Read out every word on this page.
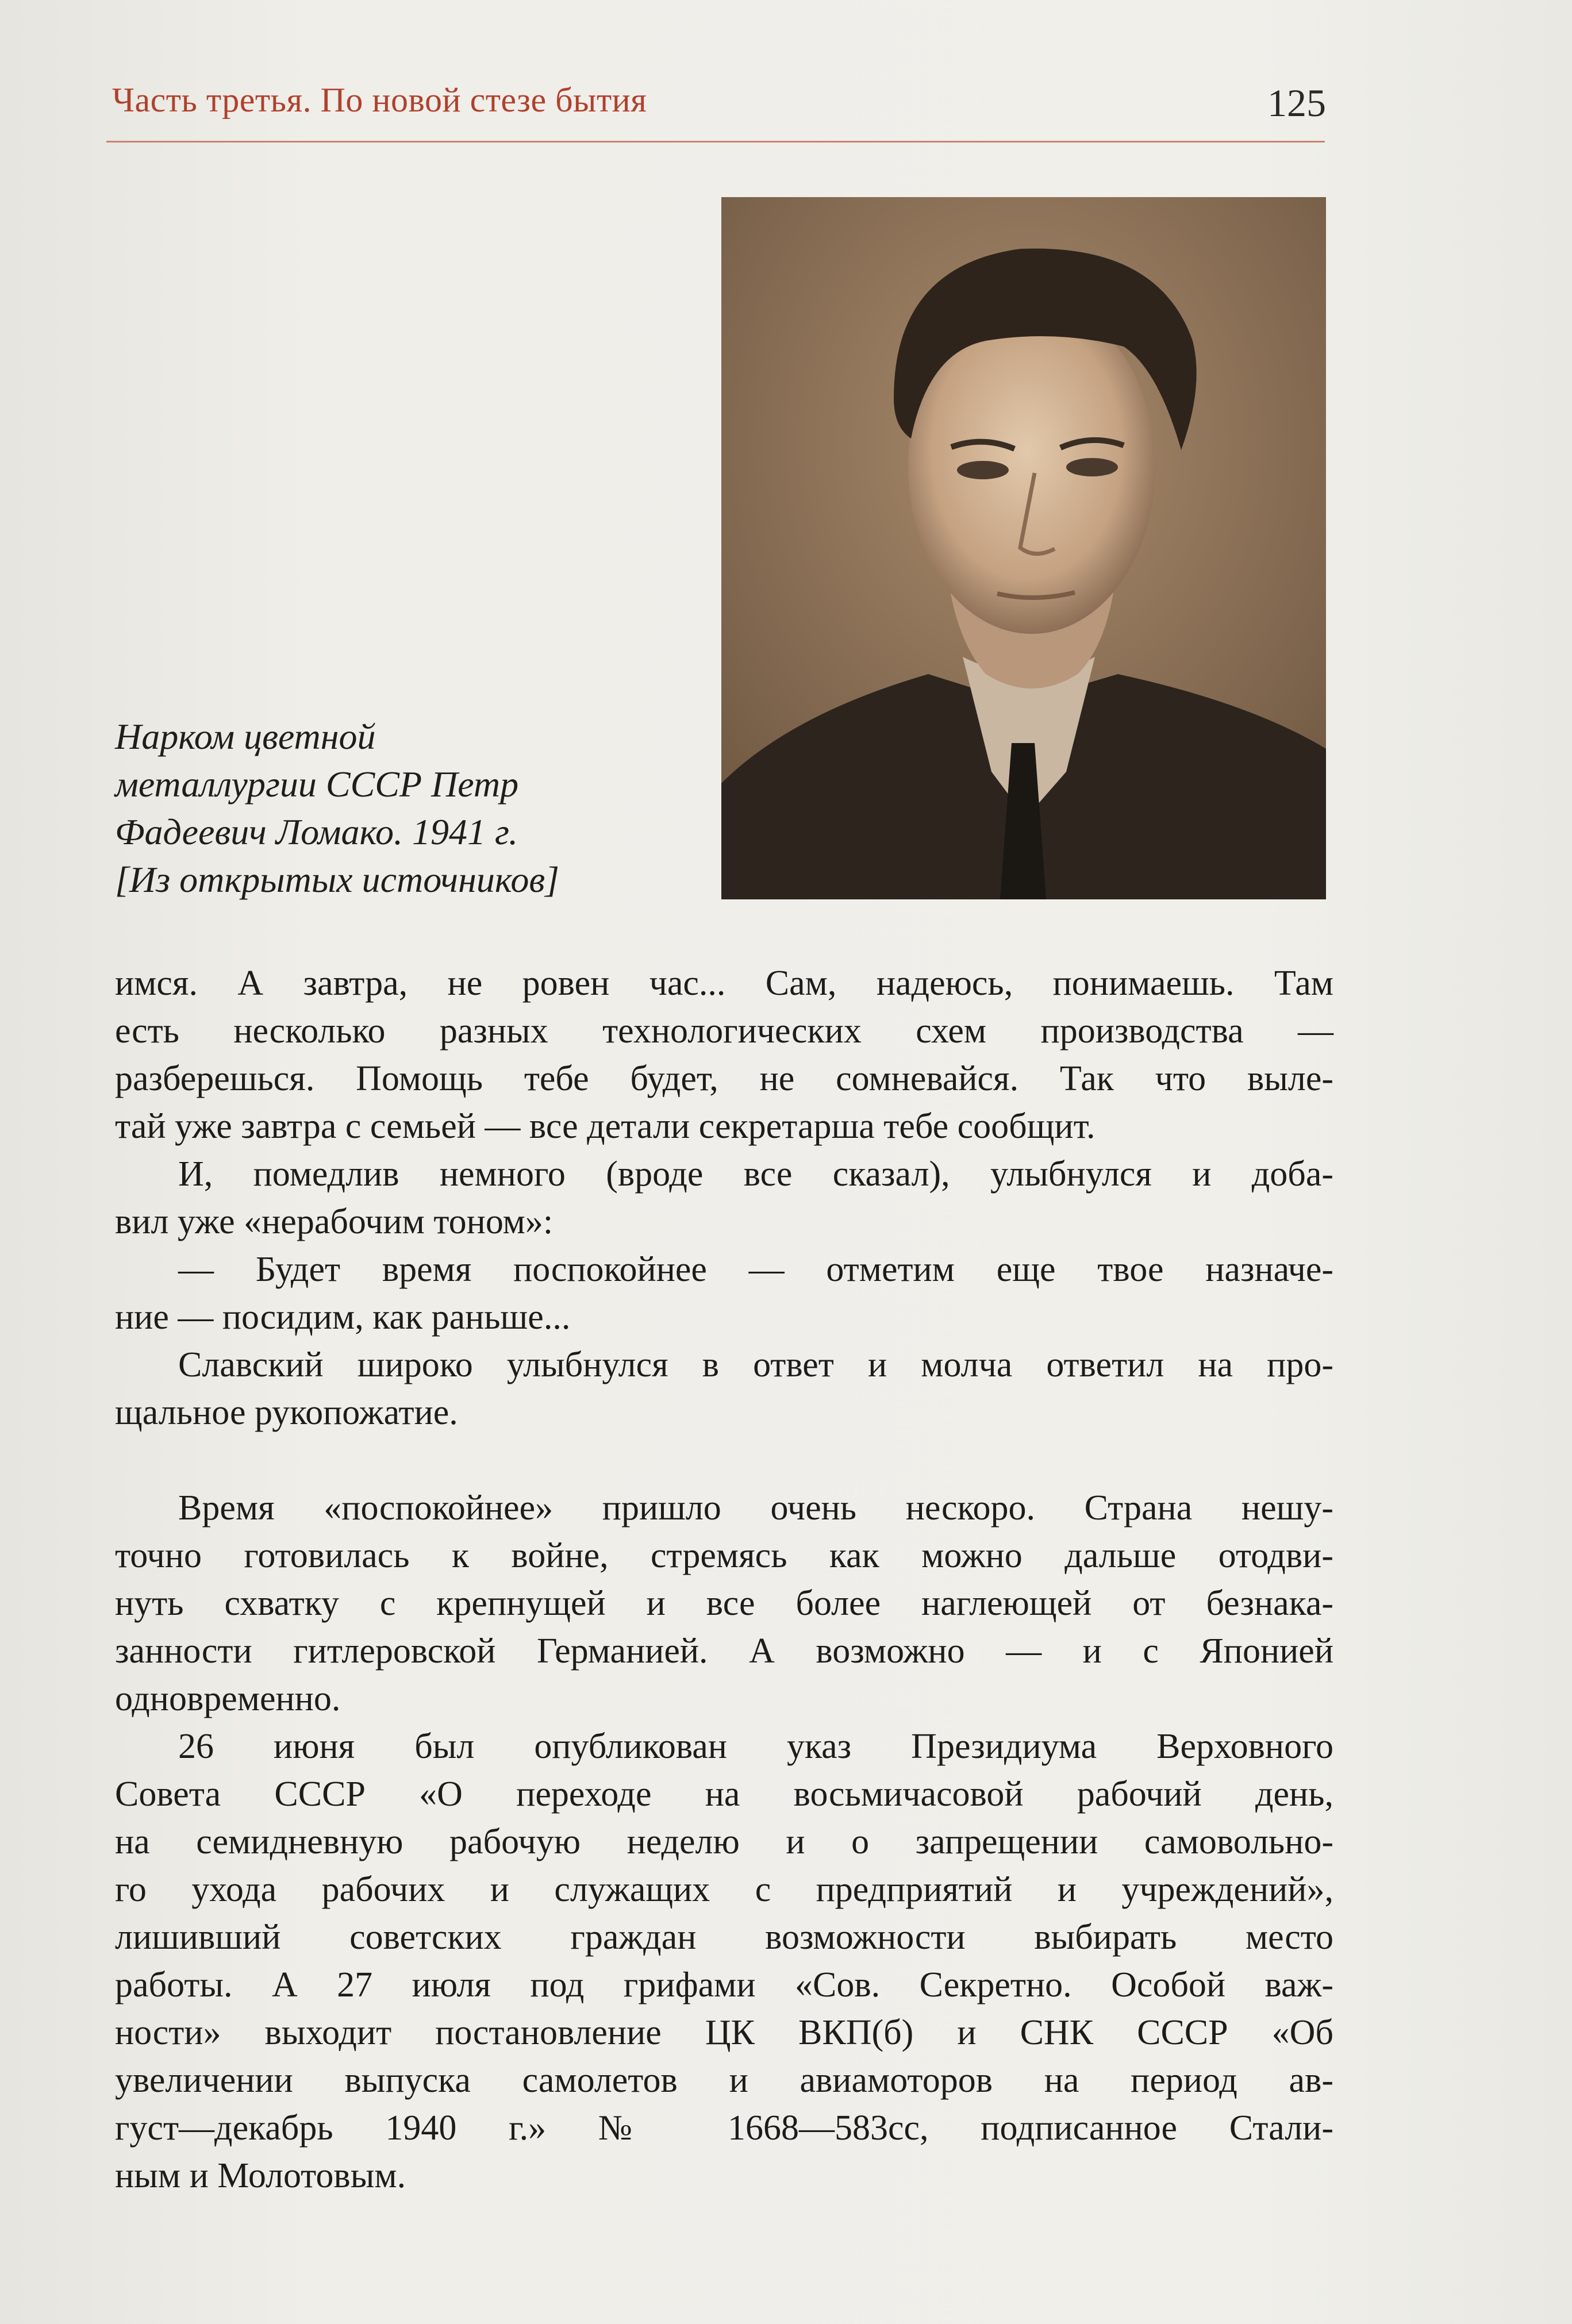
Часть третья. По новой стезе бытия	125
Нарком цветной
металлургии СССР Петр
Фадеевич Ломако. 1941 г.
[Из открытых источников]

имся. А завтра, не ровен час... Сам, надеюсь, понимаешь. Там
есть несколько разных технологических схем производства —
разберешься. Помощь тебе будет, не сомневайся. Так что выле-
тай уже завтра с семьей — все детали секретарша тебе сообщит.

И, помедлив немного (вроде все сказал), улыбнулся и доба-
вил уже «нерабочим тоном»:

— Будет время поспокойнее — отметим еще твое назначе-
ние — посидим, как раньше...

Славский широко улыбнулся в ответ и молча ответил на про-
щальное рукопожатие.

Время «поспокойнее» пришло очень нескоро. Страна нешу-
точно готовилась к войне, стремясь как можно дальше отодви-
нуть схватку с крепнущей и все более наглеющей от безнака-
занности гитлеровской Германией. А возможно — и с Японией
одновременно.

26 июня был опубликован указ Президиума Верховного
Совета СССР «О переходе на восьмичасовой рабочий день,
на семидневную рабочую неделю и о запрещении самовольно-
го ухода рабочих и служащих с предприятий и учреждений»,
лишивший советских граждан возможности выбирать место
работы. А 27 июля под грифами «Сов. Секретно. Особой важ-
ности» выходит постановление ЦК ВКП(б) и СНК СССР «Об
увеличении выпуска самолетов и авиамоторов на период ав-
густ—декабрь 1940 г.» № 1668—583сс, подписанное Стали-
ным и Молотовым.
